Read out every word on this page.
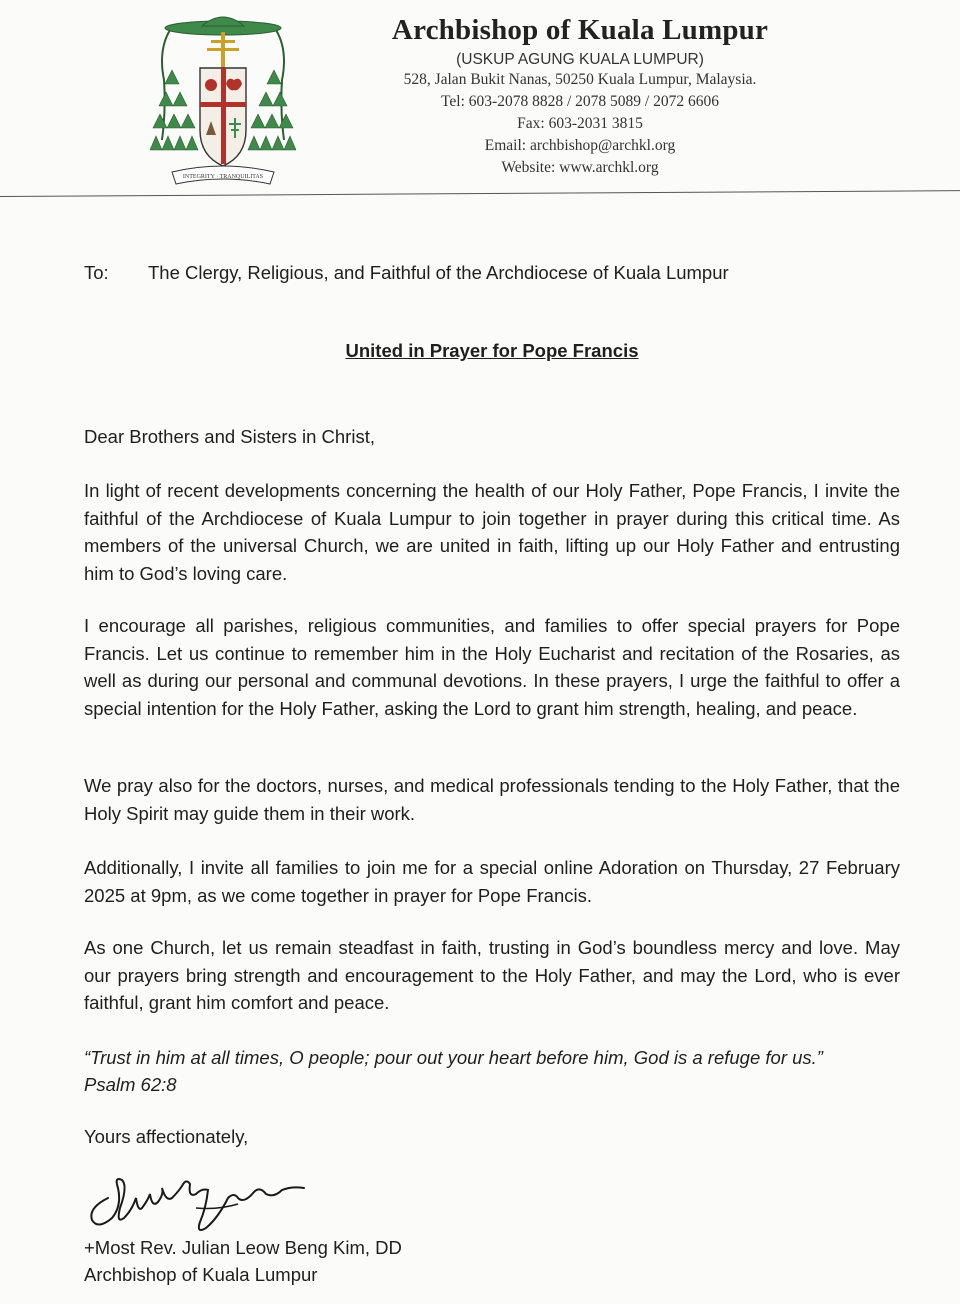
INTEGRITY · TRANQUILITAS
Archbishop of Kuala Lumpur
(USKUP AGUNG KUALA LUMPUR)
528, Jalan Bukit Nanas, 50250 Kuala Lumpur, Malaysia.
Tel: 603-2078 8828 / 2078 5089 / 2072 6606
Fax: 603-2031 3815
Email: archbishop@archkl.org
Website: www.archkl.org
To: The Clergy, Religious, and Faithful of the Archdiocese of Kuala Lumpur
United in Prayer for Pope Francis
Dear Brothers and Sisters in Christ,

In light of recent developments concerning the health of our Holy Father, Pope Francis, I invite the faithful of the Archdiocese of Kuala Lumpur to join together in prayer during this critical time. As members of the universal Church, we are united in faith, lifting up our Holy Father and entrusting him to God’s loving care.

I encourage all parishes, religious communities, and families to offer special prayers for Pope Francis. Let us continue to remember him in the Holy Eucharist and recitation of the Rosaries, as well as during our personal and communal devotions. In these prayers, I urge the faithful to offer a special intention for the Holy Father, asking the Lord to grant him strength, healing, and peace.

We pray also for the doctors, nurses, and medical professionals tending to the Holy Father, that the Holy Spirit may guide them in their work.

Additionally, I invite all families to join me for a special online Adoration on Thursday, 27 February 2025 at 9pm, as we come together in prayer for Pope Francis.

As one Church, let us remain steadfast in faith, trusting in God’s boundless mercy and love. May our prayers bring strength and encouragement to the Holy Father, and may the Lord, who is ever faithful, grant him comfort and peace.

“Trust in him at all times, O people; pour out your heart before him, God is a refuge for us.”
Psalm 62:8
Yours affectionately,
+Most Rev. Julian Leow Beng Kim, DD
Archbishop of Kuala Lumpur
